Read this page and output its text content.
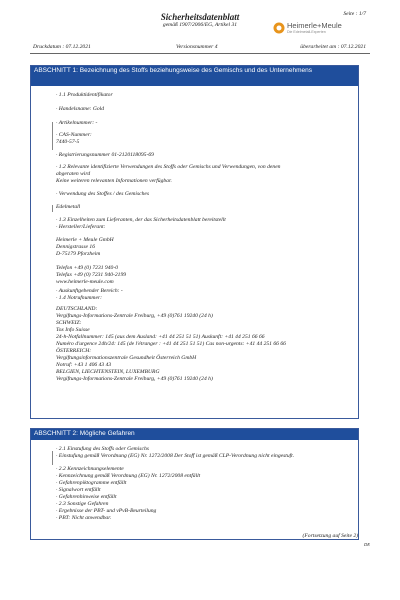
Sicherheitsdatenblatt
gemäß 1907/2006/EG, Artikel 31
Seite : 1/7
Heimerle+Meule
Die Edelmetall-Experten
Druckdatum : 07.12.2021	Versionsnummer 4	überarbeitet am : 07.12.2021
ABSCHNITT 1: Bezeichnung des Stoffs beziehungsweise des Gemischs und des Unternehmens
· 1.1 Produktidentifikator
· Handelsname: Gold
· Artikelnummer: -
· CAS-Nummer:
7440-57-5
· Registrierungsnummer 01-2120118095-69
· 1.2 Relevante identifizierte Verwendungen des Stoffs oder Gemischs und Verwendungen, von denen
abgeraten wird
Keine weiteren relevanten Informationen verfügbar.
· Verwendung des Stoffes / des Gemisches
Edelmetall
· 1.3 Einzelheiten zum Lieferanten, der das Sicherheitsdatenblatt bereitstellt
· Hersteller/Lieferant:
Heimerle + Meule GmbH
Dennigstrasse 16
D-75179 Pforzheim
Telefon +49 (0) 7231 940-0
Telefax +49 (0) 7231 940-2199
www.heimerle-meule.com
· Auskunftgebender Bereich: -
· 1.4 Notrufnummer:
DEUTSCHLAND:
Vergiftungs-Informations-Zentrale Freiburg, +49 (0)761 19240 (24 h)
SCHWEIZ:
Tox Info Suisse
24-h-Notfallnummer: 145 (aus dem Ausland: +41 44 251 51 51) Auskunft: +41 44 251 66 66
Numéro d'urgence 24h/24: 145 (de l'étranger : +41 44 251 51 51) Cas non-urgents: +41 44 251 66 66
ÖSTERREICH:
Vergiftungsinformationszentrale Gesundheit Österreich GmbH
Notruf: +43 1 406 43 43
BELGIEN, LIECHTENSTEIN, LUXEMBURG
Vergiftungs-Informations-Zentrale Freiburg, +49 (0)761 19240 (24 h)
ABSCHNITT 2: Mögliche Gefahren
· 2.1 Einstufung des Stoffs oder Gemischs
· Einstufung gemäß Verordnung (EG) Nr. 1272/2008 Der Stoff ist gemäß CLP-Verordnung nicht eingestuft.
· 2.2 Kennzeichnungselemente
· Kennzeichnung gemäß Verordnung (EG) Nr. 1272/2008 entfällt
· Gefahrenpiktogramme entfällt
· Signalwort entfällt
· Gefahrenhinweise entfällt
· 2.3 Sonstige Gefahren
· Ergebnisse der PBT- und vPvB-Beurteilung
· PBT: Nicht anwendbar.
(Fortsetzung auf Seite 2)
DE
